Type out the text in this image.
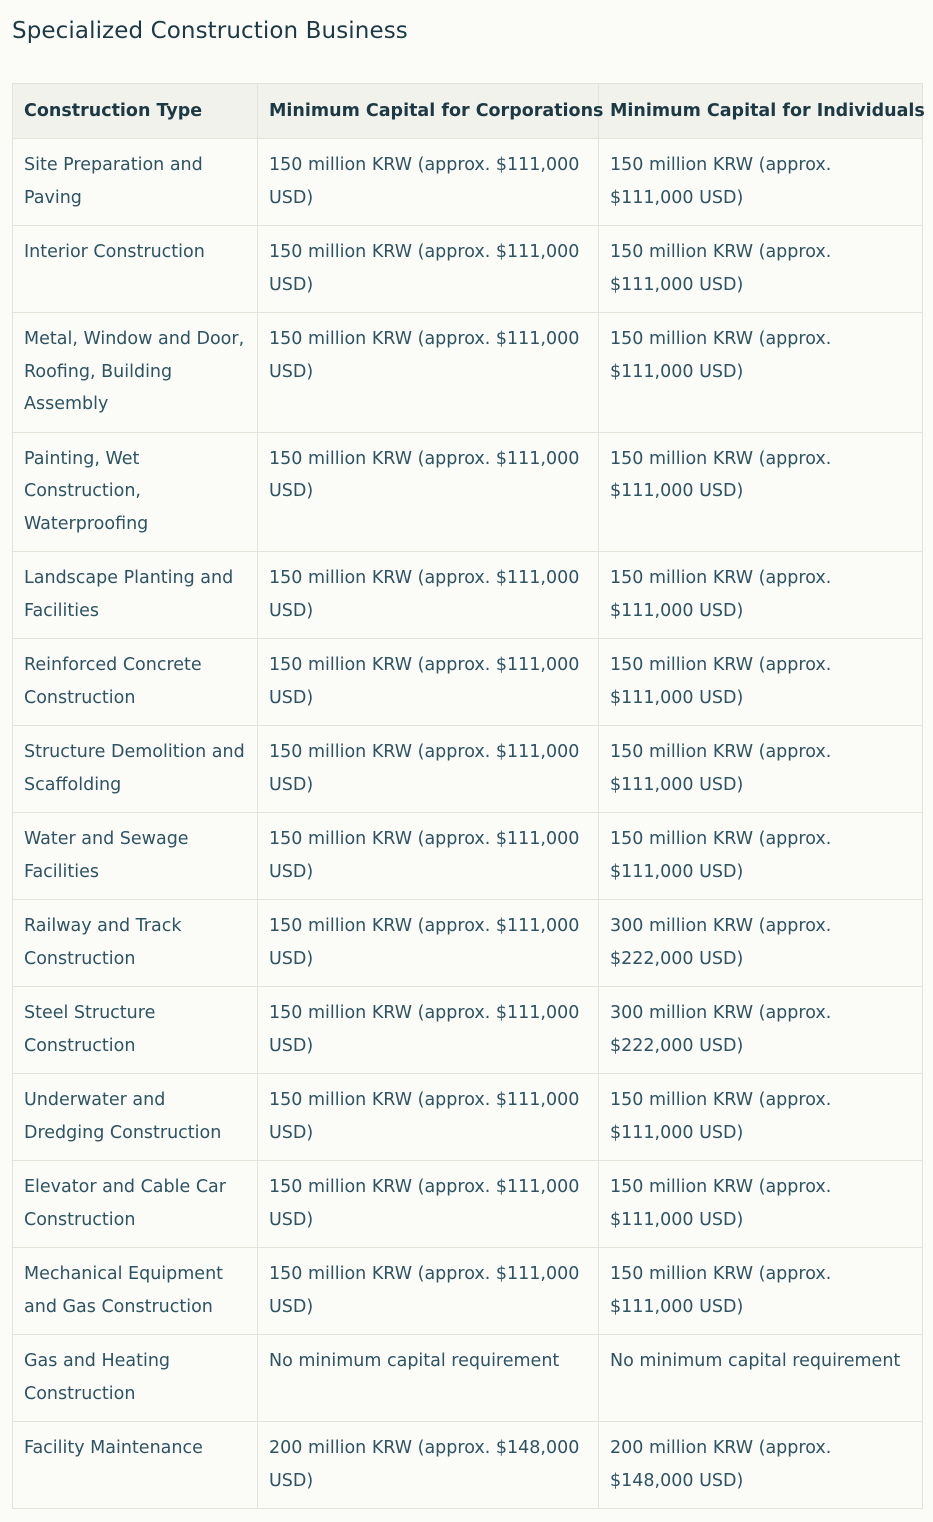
Specialized Construction Business
Construction Type	Minimum Capital for Corporations	Minimum Capital for Individuals
Site Preparation and Paving	150 million KRW (approx. $111,000 USD)	150 million KRW (approx. $111,000 USD)
Interior Construction	150 million KRW (approx. $111,000 USD)	150 million KRW (approx. $111,000 USD)
Metal, Window and Door, Roofing, Building Assembly	150 million KRW (approx. $111,000 USD)	150 million KRW (approx. $111,000 USD)
Painting, Wet Construction, Waterproofing	150 million KRW (approx. $111,000 USD)	150 million KRW (approx. $111,000 USD)
Landscape Planting and Facilities	150 million KRW (approx. $111,000 USD)	150 million KRW (approx. $111,000 USD)
Reinforced Concrete Construction	150 million KRW (approx. $111,000 USD)	150 million KRW (approx. $111,000 USD)
Structure Demolition and Scaffolding	150 million KRW (approx. $111,000 USD)	150 million KRW (approx. $111,000 USD)
Water and Sewage Facilities	150 million KRW (approx. $111,000 USD)	150 million KRW (approx. $111,000 USD)
Railway and Track Construction	150 million KRW (approx. $111,000 USD)	300 million KRW (approx. $222,000 USD)
Steel Structure Construction	150 million KRW (approx. $111,000 USD)	300 million KRW (approx. $222,000 USD)
Underwater and Dredging Construction	150 million KRW (approx. $111,000 USD)	150 million KRW (approx. $111,000 USD)
Elevator and Cable Car Construction	150 million KRW (approx. $111,000 USD)	150 million KRW (approx. $111,000 USD)
Mechanical Equipment and Gas Construction	150 million KRW (approx. $111,000 USD)	150 million KRW (approx. $111,000 USD)
Gas and Heating Construction	No minimum capital requirement	No minimum capital requirement
Facility Maintenance	200 million KRW (approx. $148,000 USD)	200 million KRW (approx. $148,000 USD)
